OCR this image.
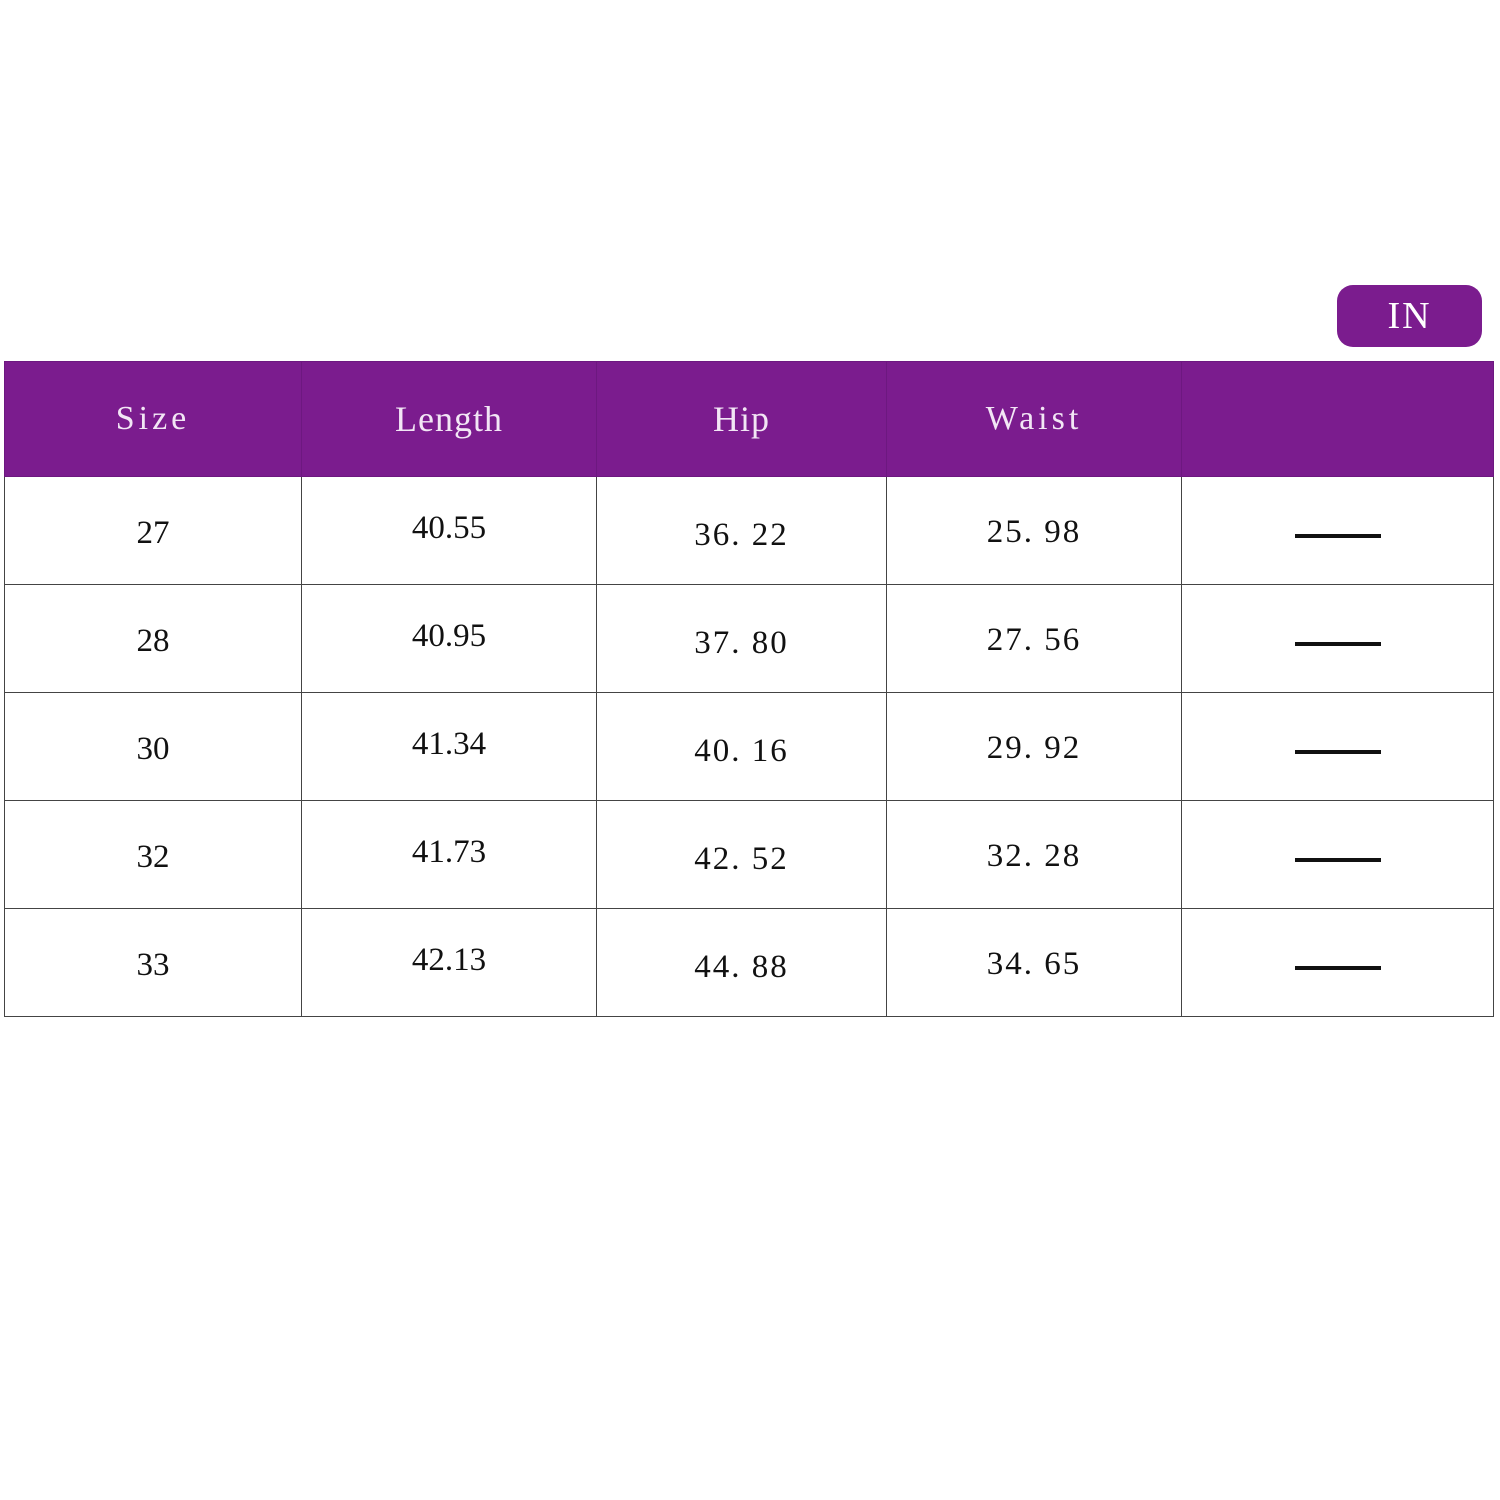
IN
Size	Length	Hip	Waist	
27	40.55	36. 22	25. 98	
28	40.95	37. 80	27. 56	
30	41.34	40. 16	29. 92	
32	41.73	42. 52	32. 28	
33	42.13	44. 88	34. 65	
